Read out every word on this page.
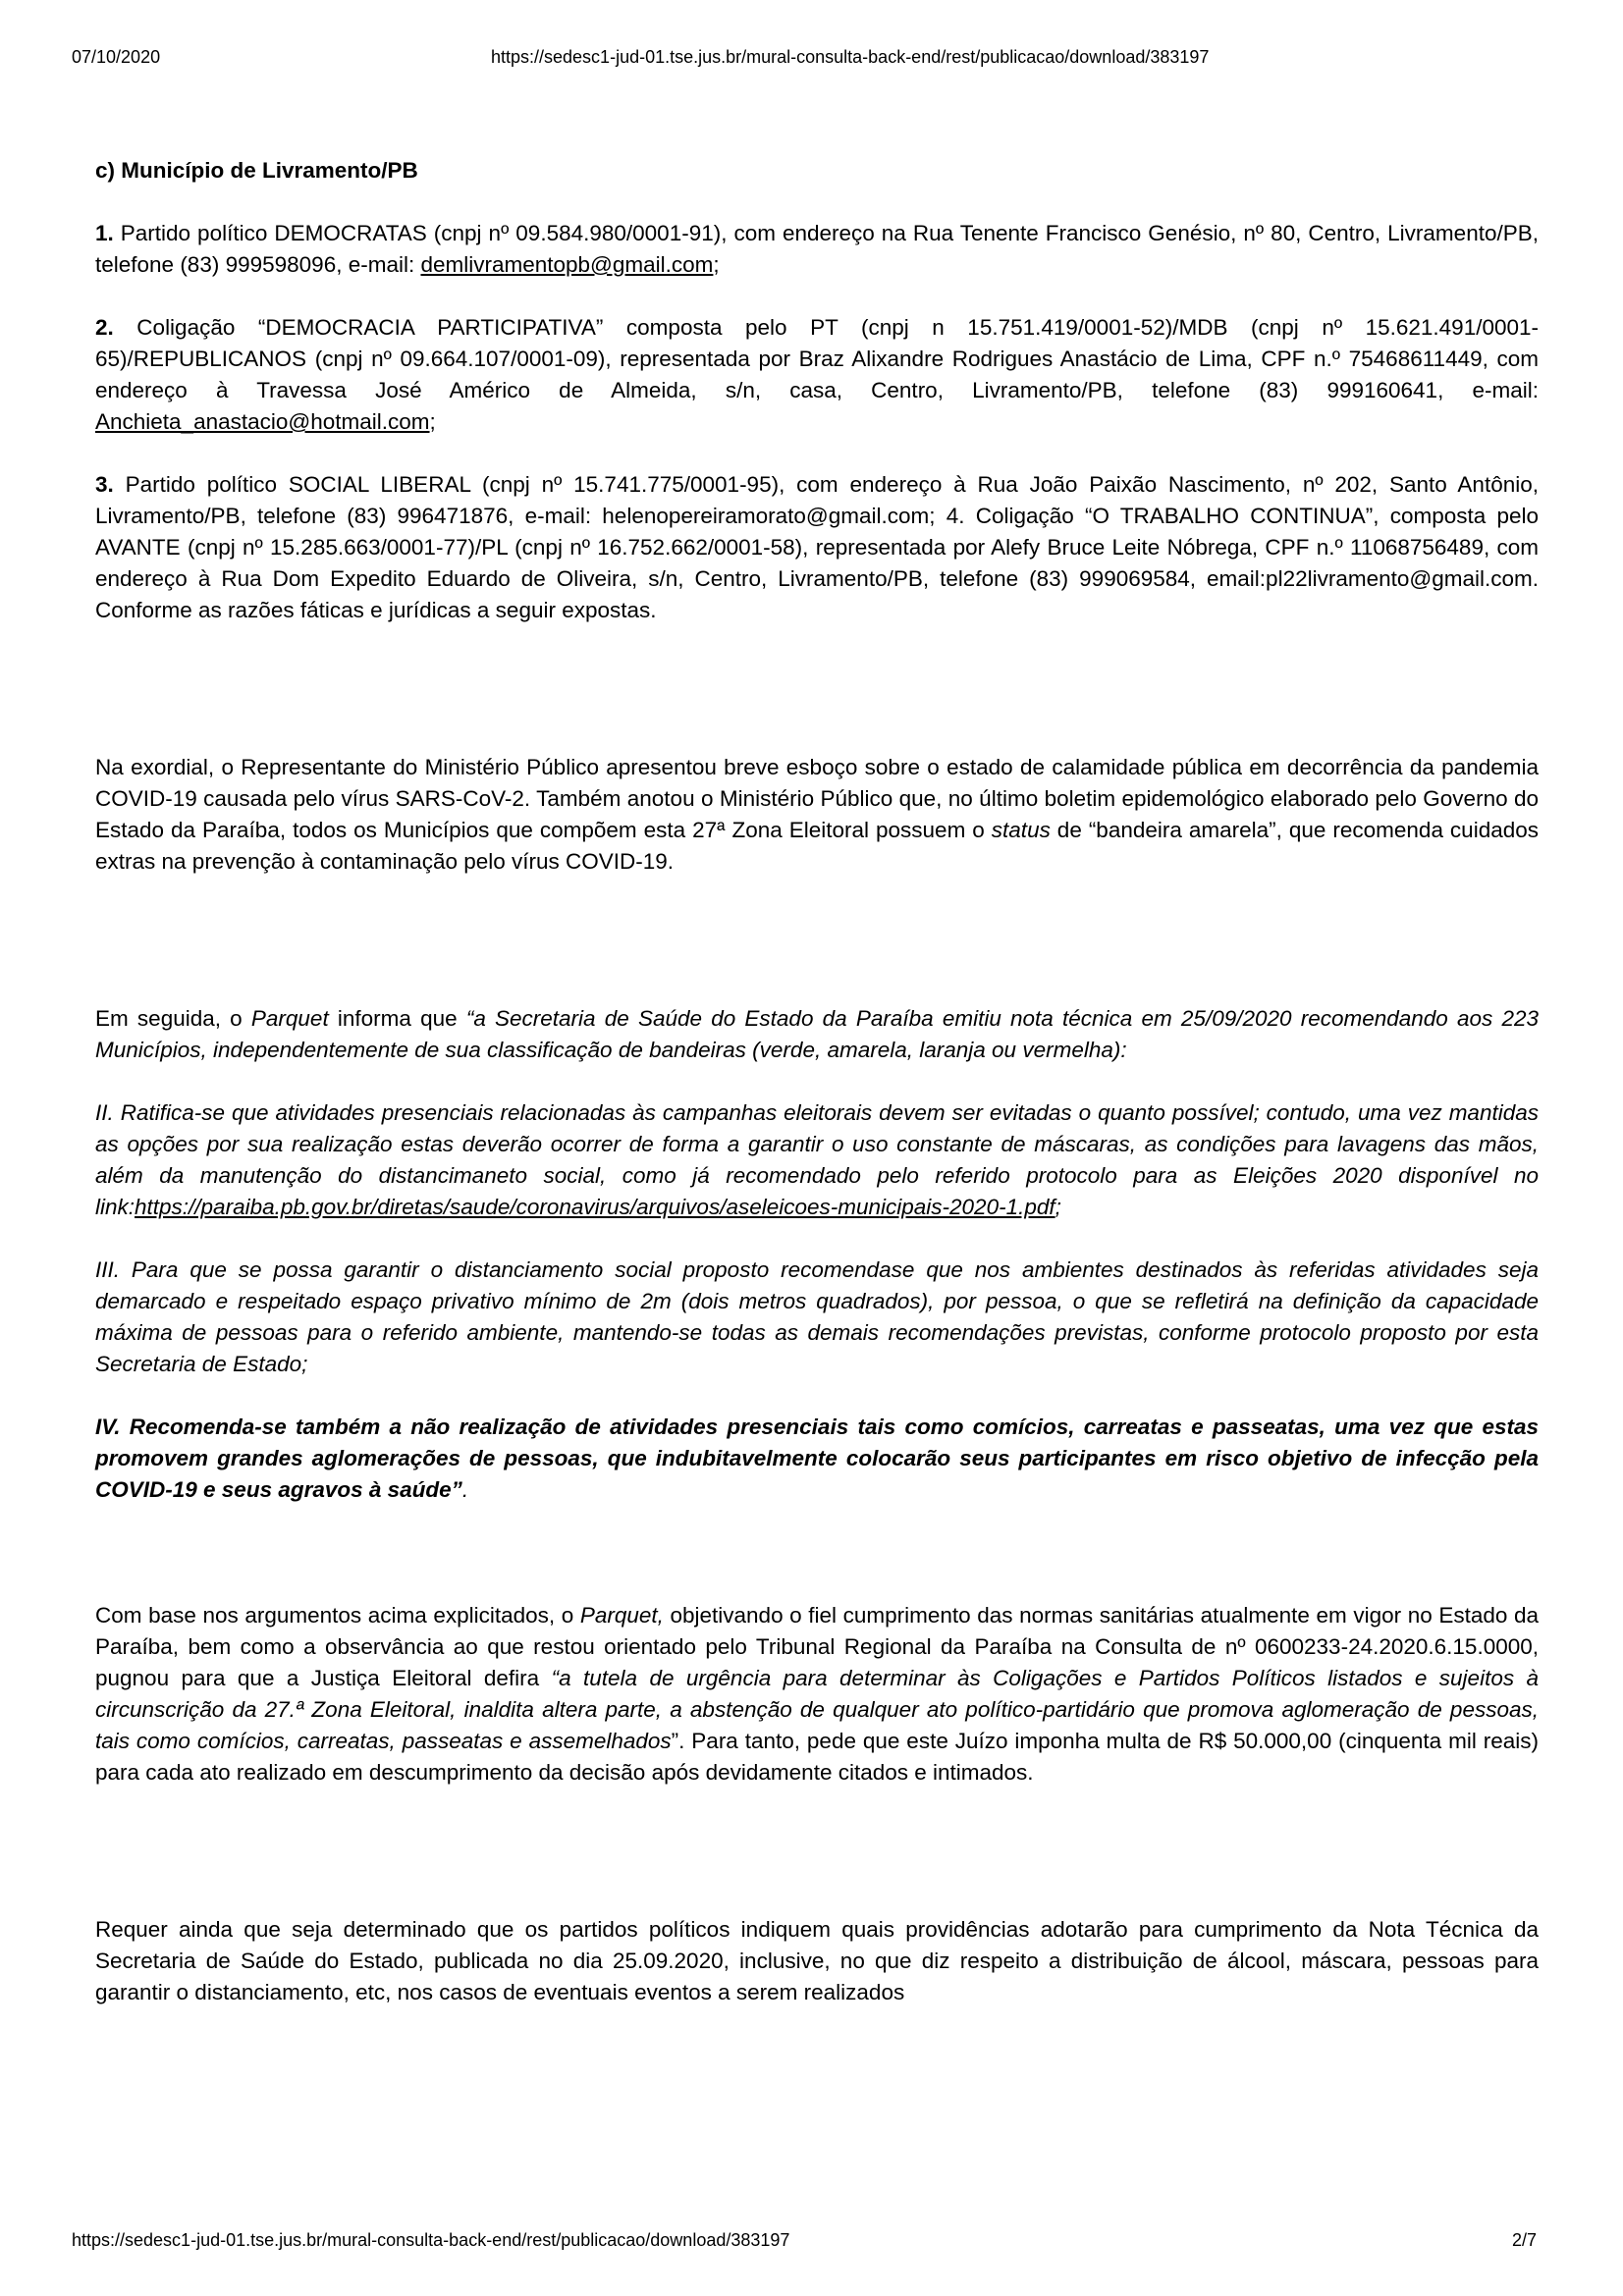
07/10/2020	https://sedesc1-jud-01.tse.jus.br/mural-consulta-back-end/rest/publicacao/download/383197

c) Município de Livramento/PB

1. Partido político DEMOCRATAS (cnpj nº 09.584.980/0001-91), com endereço na Rua Tenente Francisco Genésio, nº 80, Centro, Livramento/PB, telefone (83) 999598096, e-mail: demlivramentopb@gmail.com;

2. Coligação “DEMOCRACIA PARTICIPATIVA” composta pelo PT (cnpj n 15.751.419/0001-52)/MDB (cnpj nº 15.621.491/0001-65)/REPUBLICANOS (cnpj nº 09.664.107/0001-09), representada por Braz Alixandre Rodrigues Anastácio de Lima, CPF n.º 75468611449, com endereço à Travessa José Américo de Almeida, s/n, casa, Centro, Livramento/PB, telefone (83) 999160641, e-mail: Anchieta_anastacio@hotmail.com;

3. Partido político SOCIAL LIBERAL (cnpj nº 15.741.775/0001-95), com endereço à Rua João Paixão Nascimento, nº 202, Santo Antônio, Livramento/PB, telefone (83) 996471876, e-mail: helenopereiramorato@gmail.com; 4. Coligação “O TRABALHO CONTINUA”, composta pelo AVANTE (cnpj nº 15.285.663/0001-77)/PL (cnpj nº 16.752.662/0001-58), representada por Alefy Bruce Leite Nóbrega, CPF n.º 11068756489, com endereço à Rua Dom Expedito Eduardo de Oliveira, s/n, Centro, Livramento/PB, telefone (83) 999069584, email:pl22livramento@gmail.com. Conforme as razões fáticas e jurídicas a seguir expostas.

Na exordial, o Representante do Ministério Público apresentou breve esboço sobre o estado de calamidade pública em decorrência da pandemia COVID-19 causada pelo vírus SARS-CoV-2. Também anotou o Ministério Público que, no último boletim epidemológico elaborado pelo Governo do Estado da Paraíba, todos os Municípios que compõem esta 27ª Zona Eleitoral possuem o status de “bandeira amarela”, que recomenda cuidados extras na prevenção à contaminação pelo vírus COVID-19.

Em seguida, o Parquet informa que “a Secretaria de Saúde do Estado da Paraíba emitiu nota técnica em 25/09/2020 recomendando aos 223 Municípios, independentemente de sua classificação de bandeiras (verde, amarela, laranja ou vermelha):

II. Ratifica-se que atividades presenciais relacionadas às campanhas eleitorais devem ser evitadas o quanto possível; contudo, uma vez mantidas as opções por sua realização estas deverão ocorrer de forma a garantir o uso constante de máscaras, as condições para lavagens das mãos, além da manutenção do distancimaneto social, como já recomendado pelo referido protocolo para as Eleições 2020 disponível no link:https://paraiba.pb.gov.br/diretas/saude/coronavirus/arquivos/aseleicoes-municipais-2020-1.pdf;

III. Para que se possa garantir o distanciamento social proposto recomendase que nos ambientes destinados às referidas atividades seja demarcado e respeitado espaço privativo mínimo de 2m (dois metros quadrados), por pessoa, o que se refletirá na definição da capacidade máxima de pessoas para o referido ambiente, mantendo-se todas as demais recomendações previstas, conforme protocolo proposto por esta Secretaria de Estado;

IV. Recomenda-se também a não realização de atividades presenciais tais como comícios, carreatas e passeatas, uma vez que estas promovem grandes aglomerações de pessoas, que indubitavelmente colocarão seus participantes em risco objetivo de infecção pela COVID-19 e seus agravos à saúde”.

Com base nos argumentos acima explicitados, o Parquet, objetivando o fiel cumprimento das normas sanitárias atualmente em vigor no Estado da Paraíba, bem como a observância ao que restou orientado pelo Tribunal Regional da Paraíba na Consulta de nº 0600233-24.2020.6.15.0000, pugnou para que a Justiça Eleitoral defira “a tutela de urgência para determinar às Coligações e Partidos Políticos listados e sujeitos à circunscrição da 27.ª Zona Eleitoral, inaldita altera parte, a abstenção de qualquer ato político-partidário que promova aglomeração de pessoas, tais como comícios, carreatas, passeatas e assemelhados”. Para tanto, pede que este Juízo imponha multa de R$ 50.000,00 (cinquenta mil reais) para cada ato realizado em descumprimento da decisão após devidamente citados e intimados.

Requer ainda que seja determinado que os partidos políticos indiquem quais providências adotarão para cumprimento da Nota Técnica da Secretaria de Saúde do Estado, publicada no dia 25.09.2020, inclusive, no que diz respeito a distribuição de álcool, máscara, pessoas para garantir o distanciamento, etc, nos casos de eventuais eventos a serem realizados

https://sedesc1-jud-01.tse.jus.br/mural-consulta-back-end/rest/publicacao/download/383197	2/7
